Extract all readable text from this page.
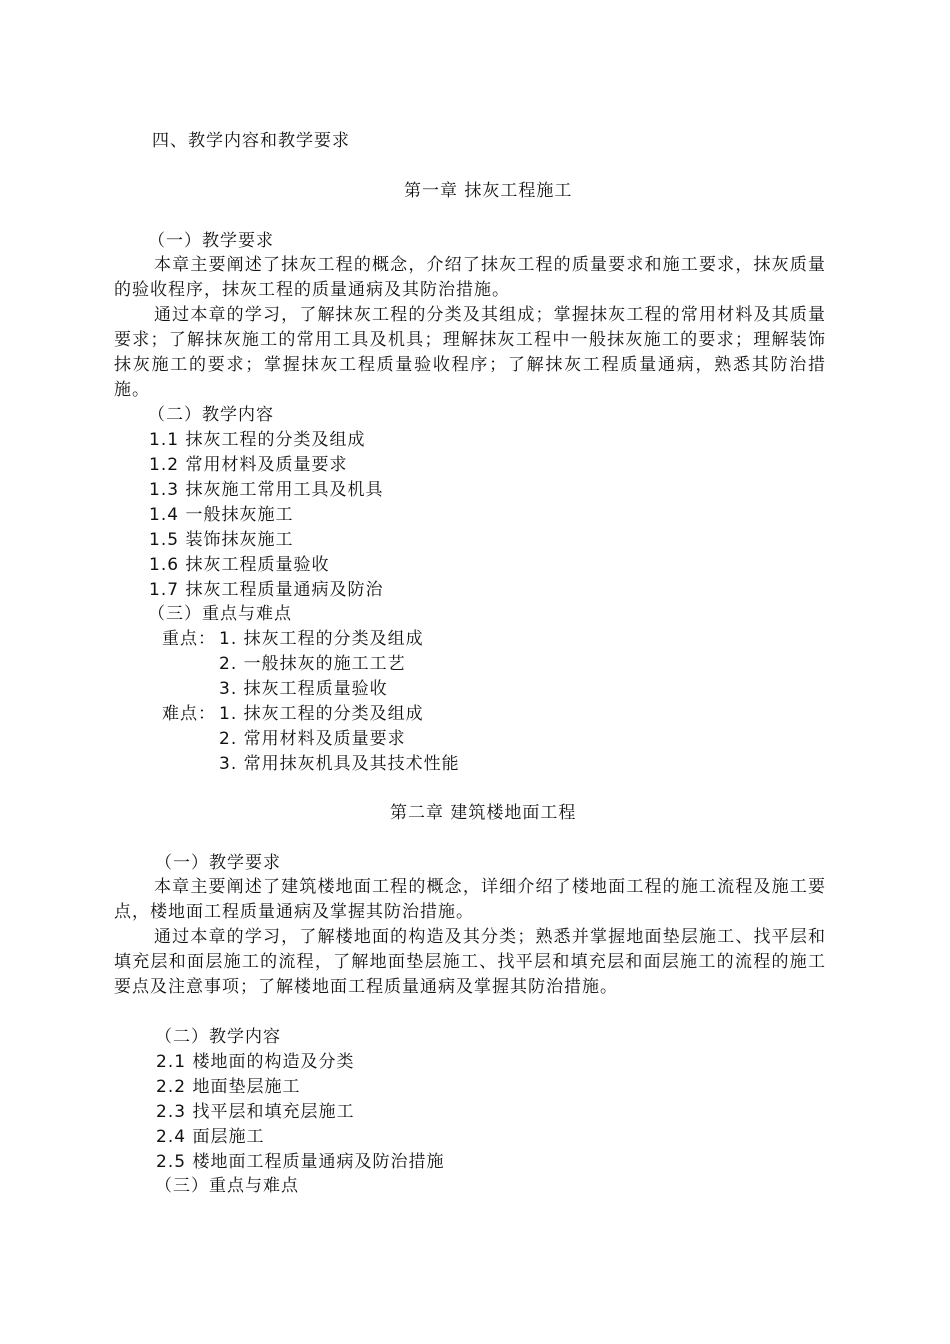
四、教学内容和教学要求
第一章 抹灰工程施工
（一）教学要求
本章主要阐述了抹灰工程的概念，介绍了抹灰工程的质量要求和施工要求，抹灰质量的验收程序，抹灰工程的质量通病及其防治措施。
通过本章的学习，了解抹灰工程的分类及其组成；掌握抹灰工程的常用材料及其质量要求；了解抹灰施工的常用工具及机具；理解抹灰工程中一般抹灰施工的要求；理解装饰抹灰施工的要求；掌握抹灰工程质量验收程序；了解抹灰工程质量通病，熟悉其防治措施。
（二）教学内容
1.1 抹灰工程的分类及组成
1.2 常用材料及质量要求
1.3 抹灰施工常用工具及机具
1.4 一般抹灰施工
1.5 装饰抹灰施工
1.6 抹灰工程质量验收
1.7 抹灰工程质量通病及防治
（三）重点与难点
重点： 1. 抹灰工程的分类及组成
2. 一般抹灰的施工工艺
3. 抹灰工程质量验收
难点： 1. 抹灰工程的分类及组成
2. 常用材料及质量要求
3. 常用抹灰机具及其技术性能
第二章 建筑楼地面工程
（一）教学要求
本章主要阐述了建筑楼地面工程的概念，详细介绍了楼地面工程的施工流程及施工要点，楼地面工程质量通病及掌握其防治措施。
通过本章的学习，了解楼地面的构造及其分类；熟悉并掌握地面垫层施工、找平层和填充层和面层施工的流程，了解地面垫层施工、找平层和填充层和面层施工的流程的施工要点及注意事项；了解楼地面工程质量通病及掌握其防治措施。
（二）教学内容
2.1 楼地面的构造及分类
2.2 地面垫层施工
2.3 找平层和填充层施工
2.4 面层施工
2.5 楼地面工程质量通病及防治措施
（三）重点与难点
